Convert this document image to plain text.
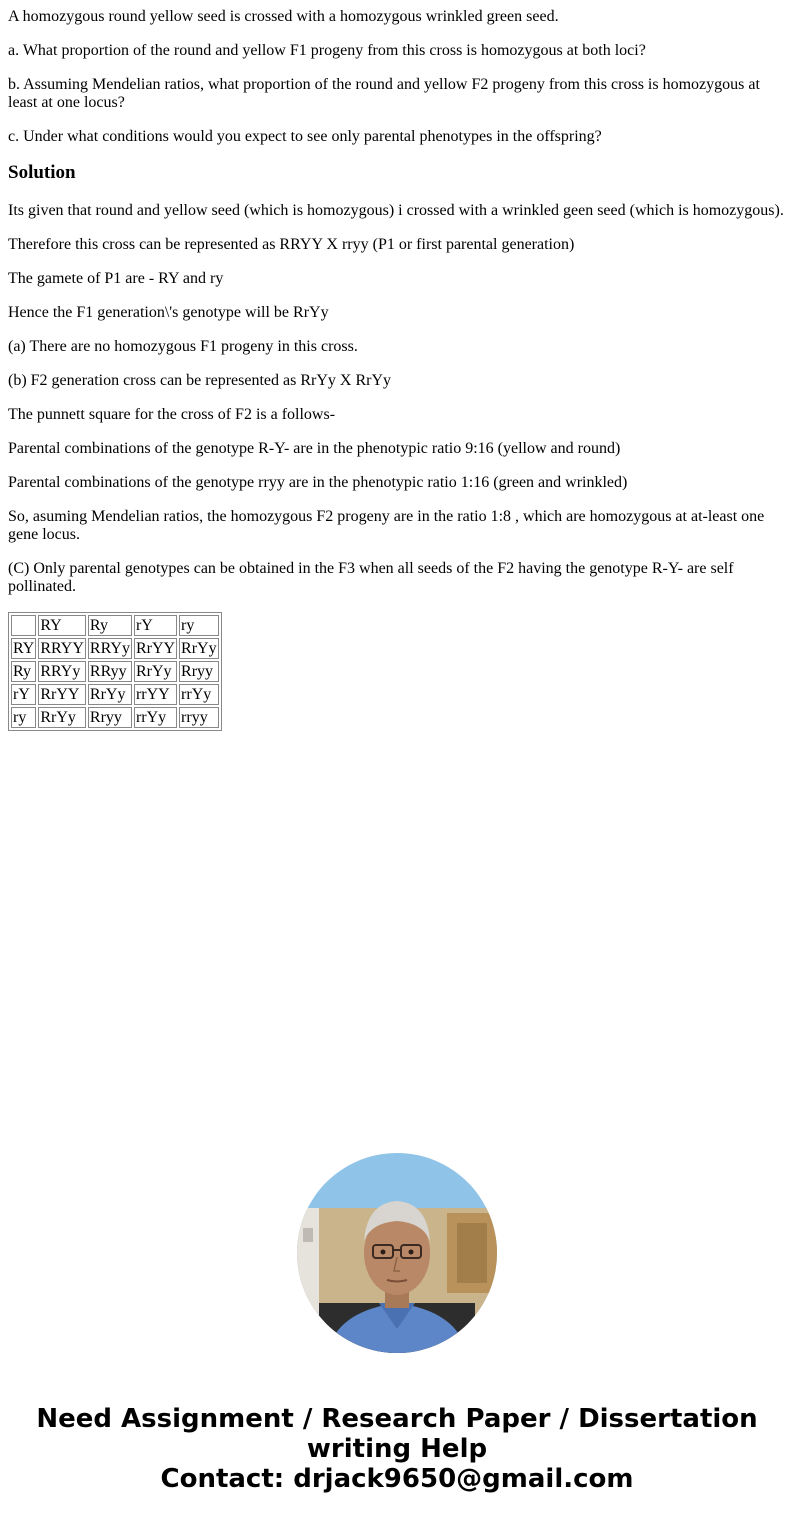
A homozygous round yellow seed is crossed with a homozygous wrinkled green seed.

a. What proportion of the round and yellow F1 progeny from this cross is homozygous at both loci?

b. Assuming Mendelian ratios, what proportion of the round and yellow F2 progeny from this cross is homozygous at least at one locus?

c. Under what conditions would you expect to see only parental phenotypes in the offspring?

Solution

Its given that round and yellow seed (which is homozygous) i crossed with a wrinkled geen seed (which is homozygous).

Therefore this cross can be represented as RRYY X rryy (P1 or first parental generation)

The gamete of P1 are - RY and ry

Hence the F1 generation\'s genotype will be RrYy

(a) There are no homozygous F1 progeny in this cross.

(b) F2 generation cross can be represented as RrYy X RrYy

The punnett square for the cross of F2 is a follows-

Parental combinations of the genotype R-Y- are in the phenotypic ratio 9:16 (yellow and round)

Parental combinations of the genotype rryy are in the phenotypic ratio 1:16 (green and wrinkled)

So, asuming Mendelian ratios, the homozygous F2 progeny are in the ratio 1:8 , which are homozygous at at-least one gene locus.

(C) Only parental genotypes can be obtained in the F3 when all seeds of the F2 having the genotype R-Y- are self pollinated.

	RY	Ry	rY	ry
RY	RRYY	RRYy	RrYY	RrYy
Ry	RRYy	RRyy	RrYy	Rryy
rY	RrYY	RrYy	rrYY	rrYy
ry	RrYy	Rryy	rrYy	rryy
Need Assignment / Research Paper / Dissertation
writing Help
Contact: drjack9650@gmail.com
